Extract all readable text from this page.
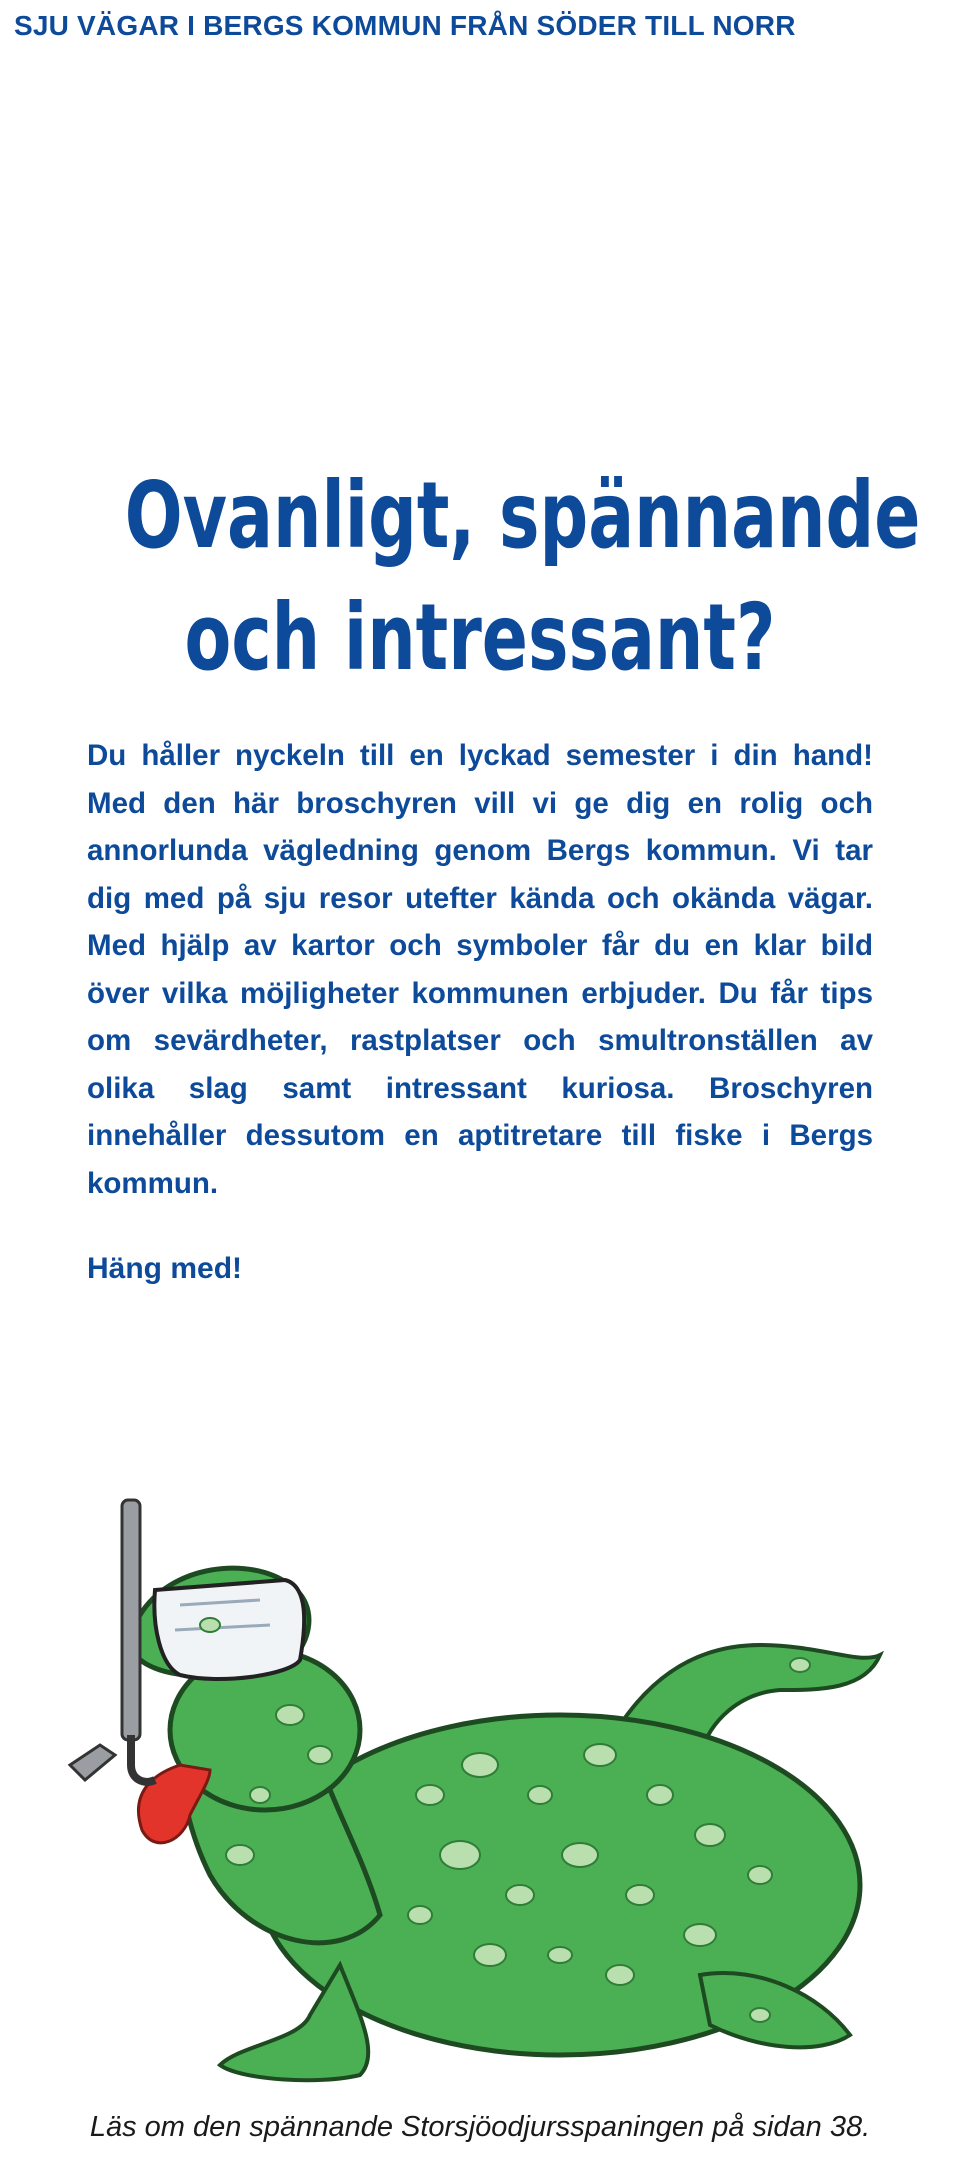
SJU VÄGAR I BERGS KOMMUN FRÅN SÖDER TILL NORR
Ovanligt, spännande
och intressant?

Du håller nyckeln till en lyckad semester i din hand! Med den här broschyren vill vi ge dig en rolig och annorlunda vägledning genom Bergs kommun. Vi tar dig med på sju resor utefter kända och okända vägar. Med hjälp av kartor och symboler får du en klar bild över vilka möjligheter kommunen erbjuder. Du får tips om sevärdheter, rastplatser och smultronställen av olika slag samt intressant kuriosa. Broschyren innehåller dessutom en aptitretare till fiske i Bergs kommun.

Häng med!
Läs om den spännande Storsjöodjursspaningen på sidan 38.
